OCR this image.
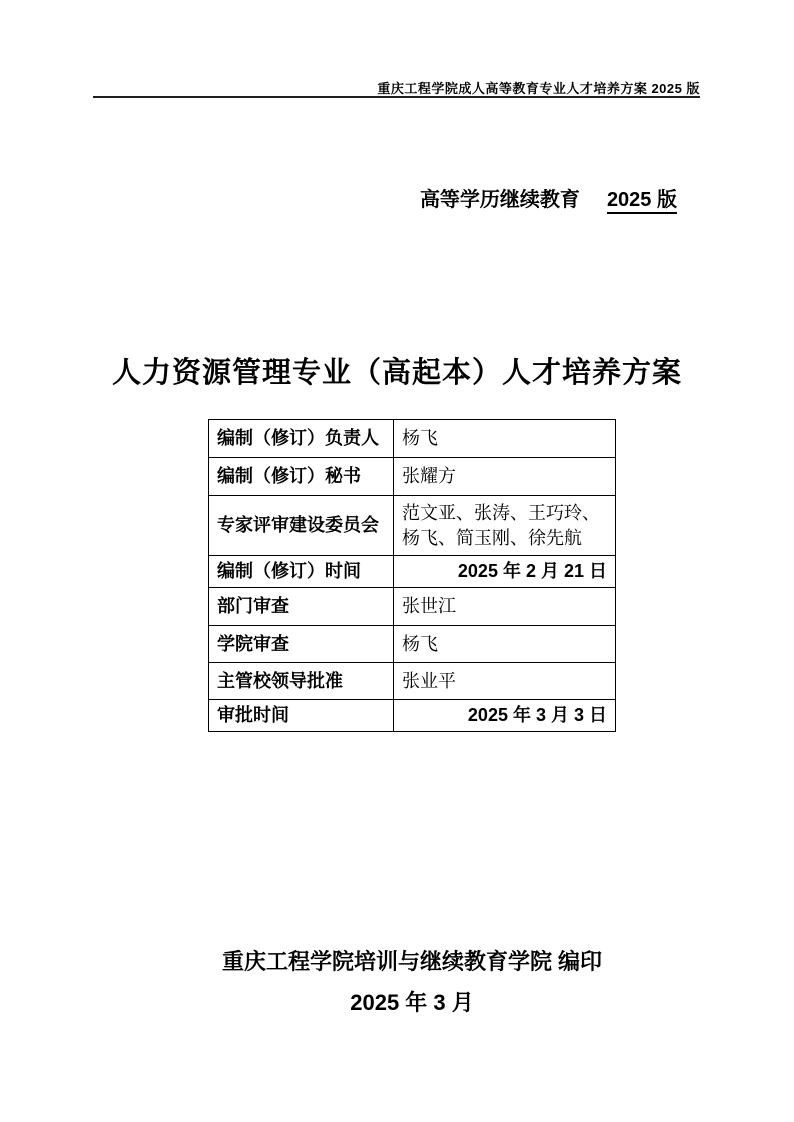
重庆工程学院成人高等教育专业人才培养方案 2025 版
高等学历继续教育 2025 版
人力资源管理专业（高起本）人才培养方案
编制（修订）负责人	杨飞
编制（修订）秘书	张耀方
专家评审建设委员会	范文亚、张涛、王巧玲、杨飞、简玉刚、徐先航
编制（修订）时间	2025 年 2 月 21 日
部门审查	张世江
学院审查	杨飞
主管校领导批准	张业平
审批时间	2025 年 3 月 3 日
重庆工程学院培训与继续教育学院 编印
2025 年 3 月
